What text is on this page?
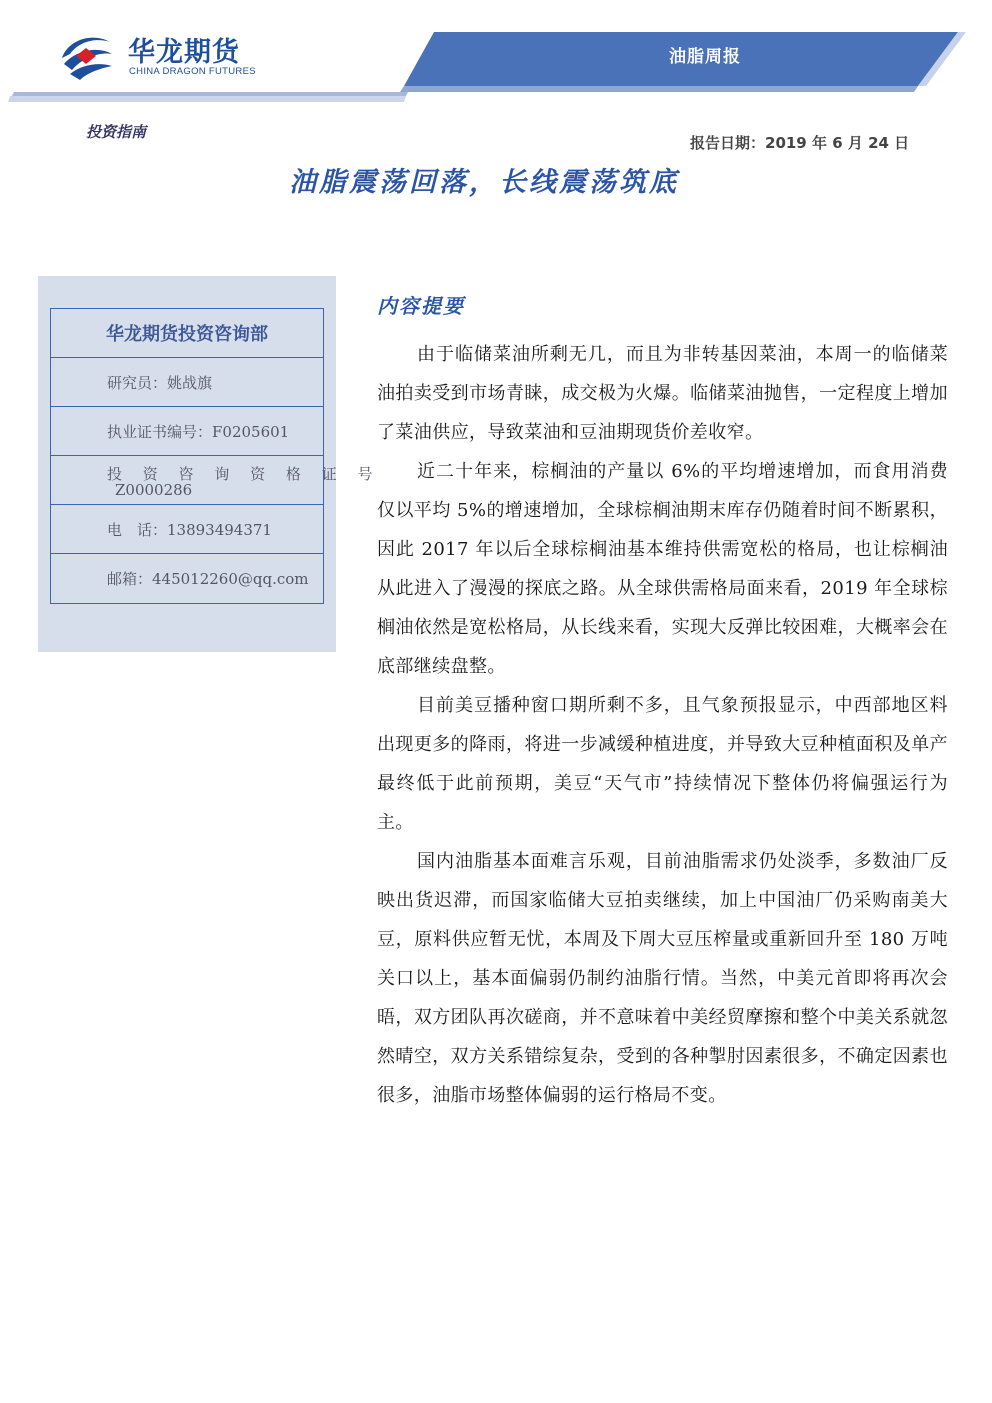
华龙期货
CHINA DRAGON FUTURES
油脂周报
投资指南
报告日期：2019 年 6 月 24 日
油脂震荡回落，长线震荡筑底
华龙期货投资咨询部
研究员：姚战旗
执业证书编号：F0205601
投 资 咨 询 资 格 证 号
Z0000286
电　话：13893494371
邮箱：445012260@qq.com
内容提要

由于临储菜油所剩无几，而且为非转基因菜油，本周一的临储菜油拍卖受到市场青睐，成交极为火爆。临储菜油抛售，一定程度上增加了菜油供应，导致菜油和豆油期现货价差收窄。

近二十年来，棕榈油的产量以 6%的平均增速增加，而食用消费仅以平均 5%的增速增加，全球棕榈油期末库存仍随着时间不断累积，因此 2017 年以后全球棕榈油基本维持供需宽松的格局，也让棕榈油从此进入了漫漫的探底之路。从全球供需格局面来看，2019 年全球棕榈油依然是宽松格局，从长线来看，实现大反弹比较困难，大概率会在底部继续盘整。

目前美豆播种窗口期所剩不多，且气象预报显示，中西部地区料出现更多的降雨，将进一步减缓种植进度，并导致大豆种植面积及单产最终低于此前预期，美豆“天气市”持续情况下整体仍将偏强运行为主。

国内油脂基本面难言乐观，目前油脂需求仍处淡季，多数油厂反映出货迟滞，而国家临储大豆拍卖继续，加上中国油厂仍采购南美大豆，原料供应暂无忧，本周及下周大豆压榨量或重新回升至 180 万吨关口以上，基本面偏弱仍制约油脂行情。当然，中美元首即将再次会晤，双方团队再次磋商，并不意味着中美经贸摩擦和整个中美关系就忽然晴空，双方关系错综复杂，受到的各种掣肘因素很多，不确定因素也很多，油脂市场整体偏弱的运行格局不变。
